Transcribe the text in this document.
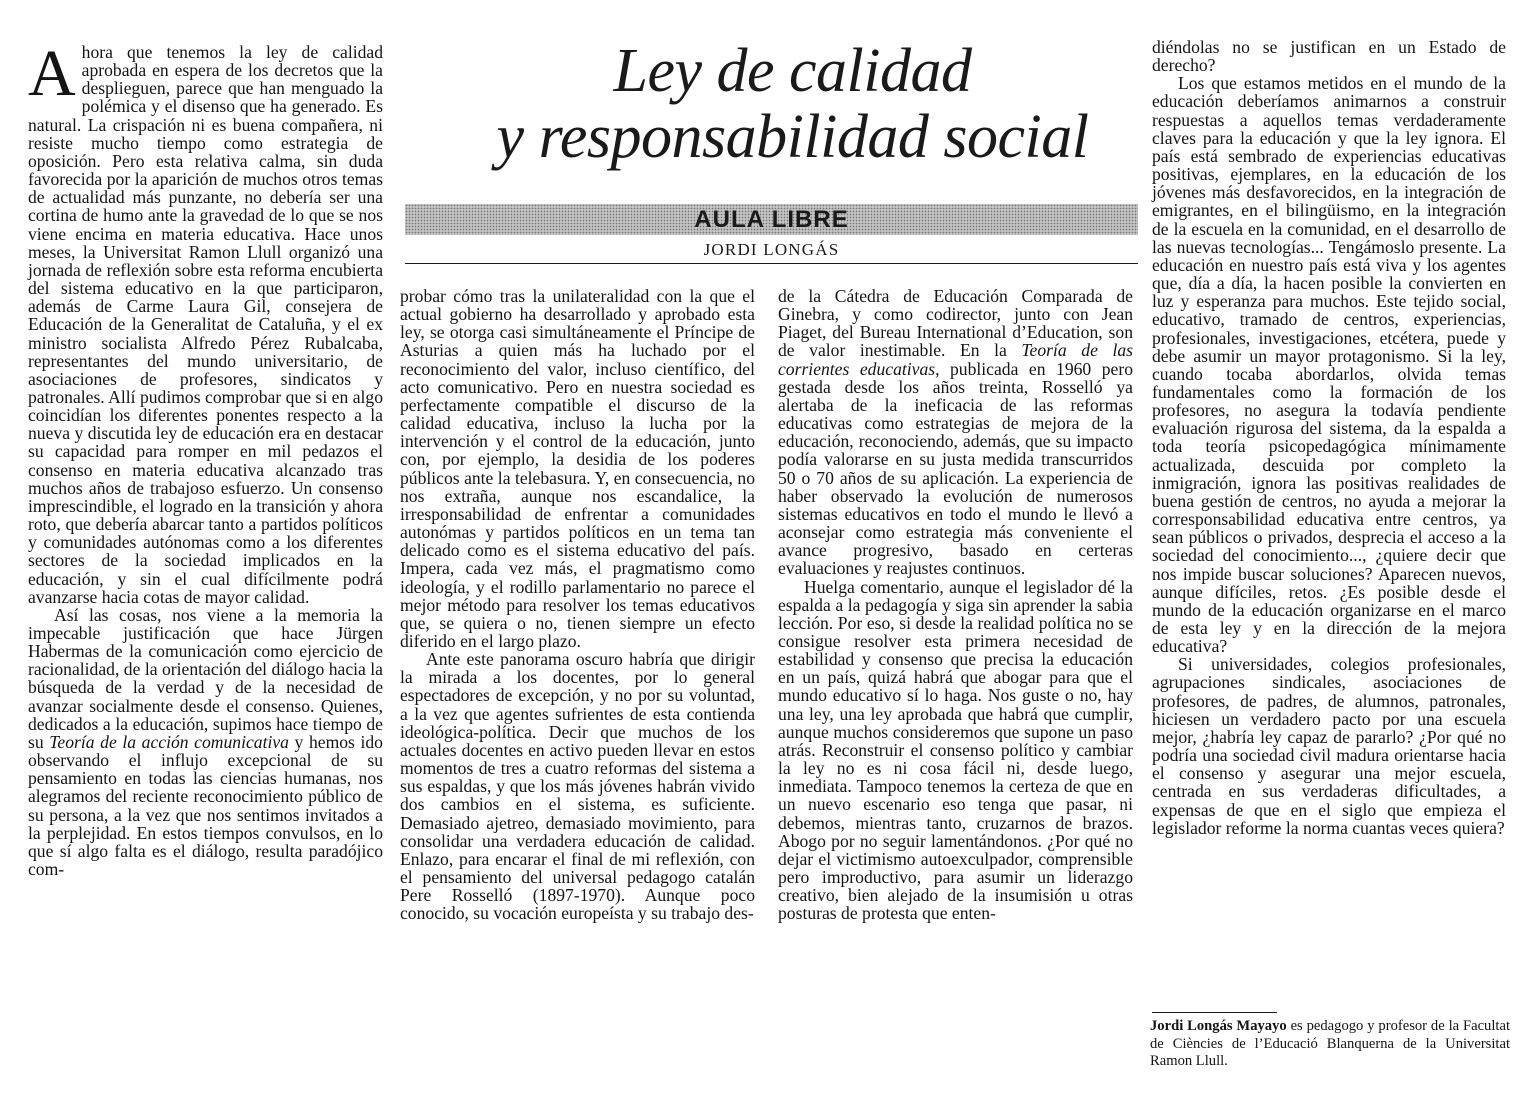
Ley de calidad
y responsabilidad social
AULA LIBRE
JORDI LONGÁS

Ahora que tenemos la ley de calidad aprobada en espera de los decretos que la desplieguen, parece que han menguado la polémica y el disenso que ha generado. Es natural. La crispación ni es buena compañera, ni resiste mucho tiempo como estrategia de oposición. Pero esta relativa calma, sin duda favorecida por la aparición de muchos otros temas de actualidad más punzante, no debería ser una cortina de humo ante la gravedad de lo que se nos viene encima en materia educativa. Hace unos meses, la Universitat Ramon Llull organizó una jornada de reflexión sobre esta reforma encubierta del sistema educativo en la que participaron, además de Carme Laura Gil, consejera de Educación de la Generalitat de Cataluña, y el ex ministro socialista Alfredo Pérez Rubalcaba, representantes del mundo universitario, de asociaciones de profesores, sindicatos y patronales. Allí pudimos comprobar que si en algo coincidían los diferentes ponentes respecto a la nueva y discutida ley de educación era en destacar su capacidad para romper en mil pedazos el consenso en materia educativa alcanzado tras muchos años de trabajoso esfuerzo. Un consenso imprescindible, el logrado en la transición y ahora roto, que debería abarcar tanto a partidos políticos y comunidades autónomas como a los diferentes sectores de la sociedad implicados en la educación, y sin el cual difícilmente podrá avanzarse hacia cotas de mayor calidad.

Así las cosas, nos viene a la memoria la impecable justificación que hace Jürgen Habermas de la comunicación como ejercicio de racionalidad, de la orientación del diálogo hacia la búsqueda de la verdad y de la necesidad de avanzar socialmente desde el consenso. Quienes, dedicados a la educación, supimos hace tiempo de su Teoría de la acción comunicativa y hemos ido observando el influjo excepcional de su pensamiento en todas las ciencias humanas, nos alegramos del reciente reconocimiento público de su persona, a la vez que nos sentimos invitados a la perplejidad. En estos tiempos convulsos, en lo que sí algo falta es el diálogo, resulta paradójico com-

probar cómo tras la unilateralidad con la que el actual gobierno ha desarrollado y aprobado esta ley, se otorga casi simultáneamente el Príncipe de Asturias a quien más ha luchado por el reconocimiento del valor, incluso científico, del acto comunicativo. Pero en nuestra sociedad es perfectamente compatible el discurso de la calidad educativa, incluso la lucha por la intervención y el control de la educación, junto con, por ejemplo, la desidia de los poderes públicos ante la telebasura. Y, en consecuencia, no nos extraña, aunque nos escandalice, la irresponsabilidad de enfrentar a comunidades autonómas y partidos políticos en un tema tan delicado como es el sistema educativo del país. Impera, cada vez más, el pragmatismo como ideología, y el rodillo parlamentario no parece el mejor método para resolver los temas educativos que, se quiera o no, tienen siempre un efecto diferido en el largo plazo.

Ante este panorama oscuro habría que dirigir la mirada a los docentes, por lo general espectadores de excepción, y no por su voluntad, a la vez que agentes sufrientes de esta contienda ideológica-política. Decir que muchos de los actuales docentes en activo pueden llevar en estos momentos de tres a cuatro reformas del sistema a sus espaldas, y que los más jóvenes habrán vivido dos cambios en el sistema, es suficiente. Demasiado ajetreo, demasiado movimiento, para consolidar una verdadera educación de calidad. Enlazo, para encarar el final de mi reflexión, con el pensamiento del universal pedagogo catalán Pere Rosselló (1897-1970). Aunque poco conocido, su vocación europeísta y su trabajo des-

de la Cátedra de Educación Comparada de Ginebra, y como codirector, junto con Jean Piaget, del Bureau International d’Education, son de valor inestimable. En la Teoría de las corrientes educativas, publicada en 1960 pero gestada desde los años treinta, Rosselló ya alertaba de la ineficacia de las reformas educativas como estrategias de mejora de la educación, reconociendo, además, que su impacto podía valorarse en su justa medida transcurridos 50 o 70 años de su aplicación. La experiencia de haber observado la evolución de numerosos sistemas educativos en todo el mundo le llevó a aconsejar como estrategia más conveniente el avance progresivo, basado en certeras evaluaciones y reajustes continuos.

Huelga comentario, aunque el legislador dé la espalda a la pedagogía y siga sin aprender la sabia lección. Por eso, si desde la realidad política no se consigue resolver esta primera necesidad de estabilidad y consenso que precisa la educación en un país, quizá habrá que abogar para que el mundo educativo sí lo haga. Nos guste o no, hay una ley, una ley aprobada que habrá que cumplir, aunque muchos consideremos que supone un paso atrás. Reconstruir el consenso político y cambiar la ley no es ni cosa fácil ni, desde luego, inmediata. Tampoco tenemos la certeza de que en un nuevo escenario eso tenga que pasar, ni debemos, mientras tanto, cruzarnos de brazos. Abogo por no seguir lamentándonos. ¿Por qué no dejar el victimismo autoexculpador, comprensible pero improductivo, para asumir un liderazgo creativo, bien alejado de la insumisión u otras posturas de protesta que enten-

diéndolas no se justifican en un Estado de derecho?

Los que estamos metidos en el mundo de la educación deberíamos animarnos a construir respuestas a aquellos temas verdaderamente claves para la educación y que la ley ignora. El país está sembrado de experiencias educativas positivas, ejemplares, en la educación de los jóvenes más desfavorecidos, en la integración de emigrantes, en el bilingüismo, en la integración de la escuela en la comunidad, en el desarrollo de las nuevas tecnologías... Tengámoslo presente. La educación en nuestro país está viva y los agentes que, día a día, la hacen posible la convierten en luz y esperanza para muchos. Este tejido social, educativo, tramado de centros, experiencias, profesionales, investigaciones, etcétera, puede y debe asumir un mayor protagonismo. Si la ley, cuando tocaba abordarlos, olvida temas fundamentales como la formación de los profesores, no asegura la todavía pendiente evaluación rigurosa del sistema, da la espalda a toda teoría psicopedagógica mínimamente actualizada, descuida por completo la inmigración, ignora las positivas realidades de buena gestión de centros, no ayuda a mejorar la corresponsabilidad educativa entre centros, ya sean públicos o privados, desprecia el acceso a la sociedad del conocimiento..., ¿quiere decir que nos impide buscar soluciones? Aparecen nuevos, aunque difíciles, retos. ¿Es posible desde el mundo de la educación organizarse en el marco de esta ley y en la dirección de la mejora educativa?

Si universidades, colegios profesionales, agrupaciones sindicales, asociaciones de profesores, de padres, de alumnos, patronales, hiciesen un verdadero pacto por una escuela mejor, ¿habría ley capaz de pararlo? ¿Por qué no podría una sociedad civil madura orientarse hacia el consenso y asegurar una mejor escuela, centrada en sus verdaderas dificultades, a expensas de que en el siglo que empieza el legislador reforme la norma cuantas veces quiera?

Jordi Longás Mayayo es pedagogo y profesor de la Facultat de Ciències de l’Educació Blanquerna de la Universitat Ramon Llull.
